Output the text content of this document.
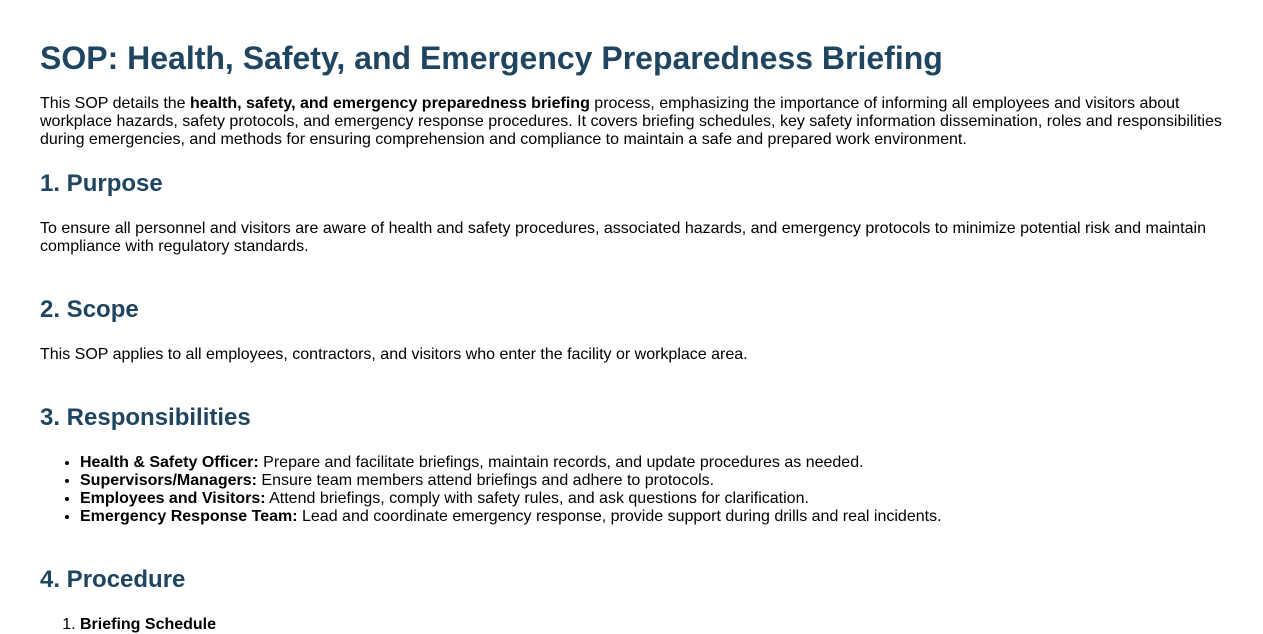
SOP: Health, Safety, and Emergency Preparedness Briefing

This SOP details the health, safety, and emergency preparedness briefing process, emphasizing the importance of informing all employees and visitors about workplace hazards, safety protocols, and emergency response procedures. It covers briefing schedules, key safety information dissemination, roles and responsibilities during emergencies, and methods for ensuring comprehension and compliance to maintain a safe and prepared work environment.

1. Purpose

To ensure all personnel and visitors are aware of health and safety procedures, associated hazards, and emergency protocols to minimize potential risk and maintain compliance with regulatory standards.

2. Scope

This SOP applies to all employees, contractors, and visitors who enter the facility or workplace area.

3. Responsibilities
• Health & Safety Officer: Prepare and facilitate briefings, maintain records, and update procedures as needed.
• Supervisors/Managers: Ensure team members attend briefings and adhere to protocols.
• Employees and Visitors: Attend briefings, comply with safety rules, and ask questions for clarification.
• Emergency Response Team: Lead and coordinate emergency response, provide support during drills and real incidents.
4. Procedure
1. Briefing Schedule
